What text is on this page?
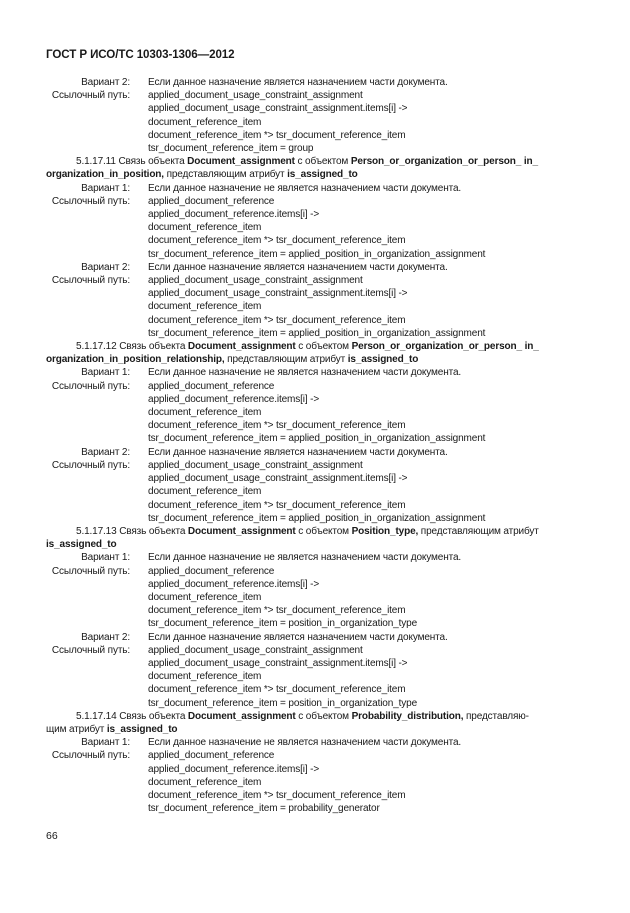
ГОСТ Р ИСО/ТС 10303-1306—2012
Вариант 2: Если данное назначение является назначением части документа.
Ссылочный путь: applied_document_usage_constraint_assignment
applied_document_usage_constraint_assignment.items[i] ->
document_reference_item
document_reference_item *> tsr_document_reference_item
tsr_document_reference_item = group
5.1.17.11 Связь объекта Document_assignment с объектом Person_or_organization_or_person_ in_
organization_in_position, представляющим атрибут is_assigned_to
Вариант 1: Если данное назначение не является назначением части документа.
Ссылочный путь: applied_document_reference
applied_document_reference.items[i] ->
document_reference_item
document_reference_item *> tsr_document_reference_item
tsr_document_reference_item = applied_position_in_organization_assignment
Вариант 2: Если данное назначение является назначением части документа.
Ссылочный путь: applied_document_usage_constraint_assignment
applied_document_usage_constraint_assignment.items[i] ->
document_reference_item
document_reference_item *> tsr_document_reference_item
tsr_document_reference_item = applied_position_in_organization_assignment
5.1.17.12 Связь объекта Document_assignment с объектом Person_or_organization_or_person_ in_
organization_in_position_relationship, представляющим атрибут is_assigned_to
Вариант 1: Если данное назначение не является назначением части документа.
Ссылочный путь: applied_document_reference
applied_document_reference.items[i] ->
document_reference_item
document_reference_item *> tsr_document_reference_item
tsr_document_reference_item = applied_position_in_organization_assignment
Вариант 2: Если данное назначение является назначением части документа.
Ссылочный путь: applied_document_usage_constraint_assignment
applied_document_usage_constraint_assignment.items[i] ->
document_reference_item
document_reference_item *> tsr_document_reference_item
tsr_document_reference_item = applied_position_in_organization_assignment
5.1.17.13 Связь объекта Document_assignment с объектом Position_type, представляющим атрибут
is_assigned_to
Вариант 1: Если данное назначение не является назначением части документа.
Ссылочный путь: applied_document_reference
applied_document_reference.items[i] ->
document_reference_item
document_reference_item *> tsr_document_reference_item
tsr_document_reference_item = position_in_organization_type
Вариант 2: Если данное назначение является назначением части документа.
Ссылочный путь: applied_document_usage_constraint_assignment
applied_document_usage_constraint_assignment.items[i] ->
document_reference_item
document_reference_item *> tsr_document_reference_item
tsr_document_reference_item = position_in_organization_type
5.1.17.14 Связь объекта Document_assignment с объектом Probability_distribution, представляю-
щим атрибут is_assigned_to
Вариант 1: Если данное назначение не является назначением части документа.
Ссылочный путь: applied_document_reference
applied_document_reference.items[i] ->
document_reference_item
document_reference_item *> tsr_document_reference_item
tsr_document_reference_item = probability_generator
66
